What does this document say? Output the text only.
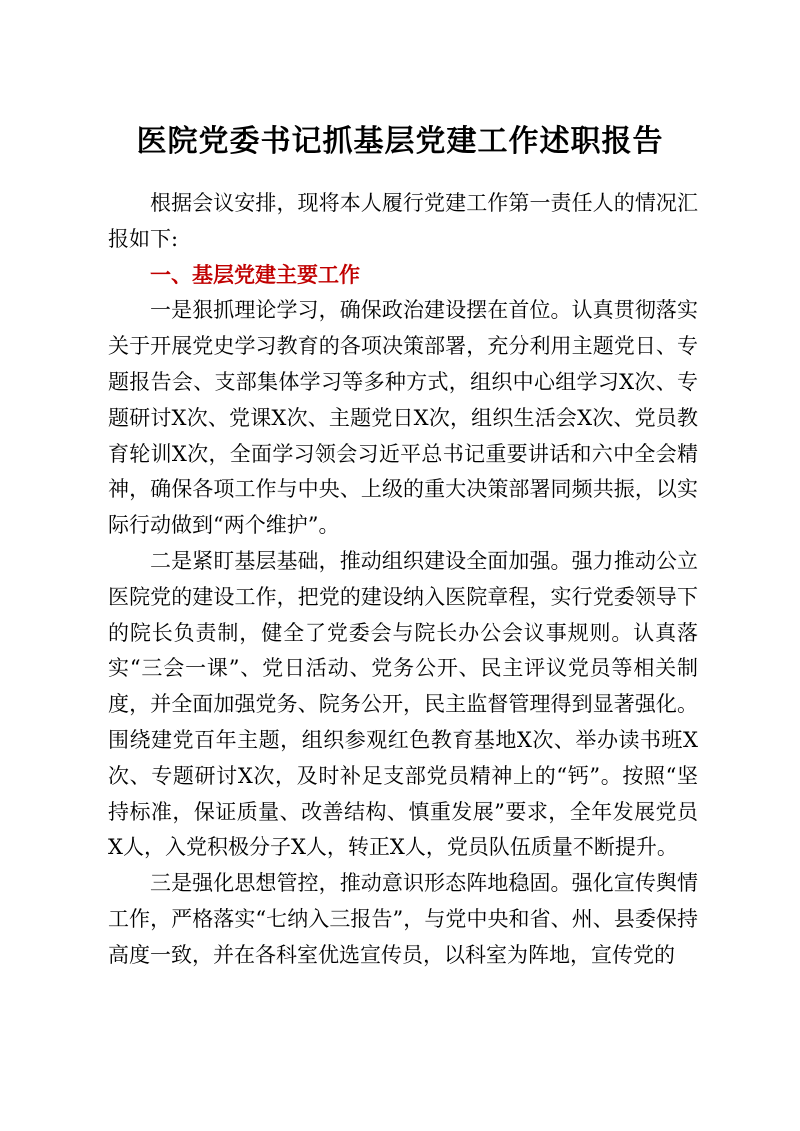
医院党委书记抓基层党建工作述职报告

根据会议安排，现将本人履行党建工作第一责任人的情况汇报如下:

一、基层党建主要工作

一是狠抓理论学习，确保政治建设摆在首位。认真贯彻落实关于开展党史学习教育的各项决策部署，充分利用主题党日、专题报告会、支部集体学习等多种方式，组织中心组学习X次、专题研讨X次、党课X次、主题党日X次，组织生活会X次、党员教育轮训X次，全面学习领会习近平总书记重要讲话和六中全会精神，确保各项工作与中央、上级的重大决策部署同频共振，以实际行动做到“两个维护”。

二是紧盯基层基础，推动组织建设全面加强。强力推动公立医院党的建设工作，把党的建设纳入医院章程，实行党委领导下的院长负责制，健全了党委会与院长办公会议事规则。认真落实“三会一课”、党日活动、党务公开、民主评议党员等相关制度，并全面加强党务、院务公开，民主监督管理得到显著强化。围绕建党百年主题，组织参观红色教育基地X次、举办读书班X次、专题研讨X次，及时补足支部党员精神上的“钙”。按照“坚持标准，保证质量、改善结构、慎重发展”要求，全年发展党员X人，入党积极分子X人，转正X人，党员队伍质量不断提升。

三是强化思想管控，推动意识形态阵地稳固。强化宣传舆情工作，严格落实“七纳入三报告”，与党中央和省、州、县委保持高度一致，并在各科室优选宣传员，以科室为阵地，宣传党的
